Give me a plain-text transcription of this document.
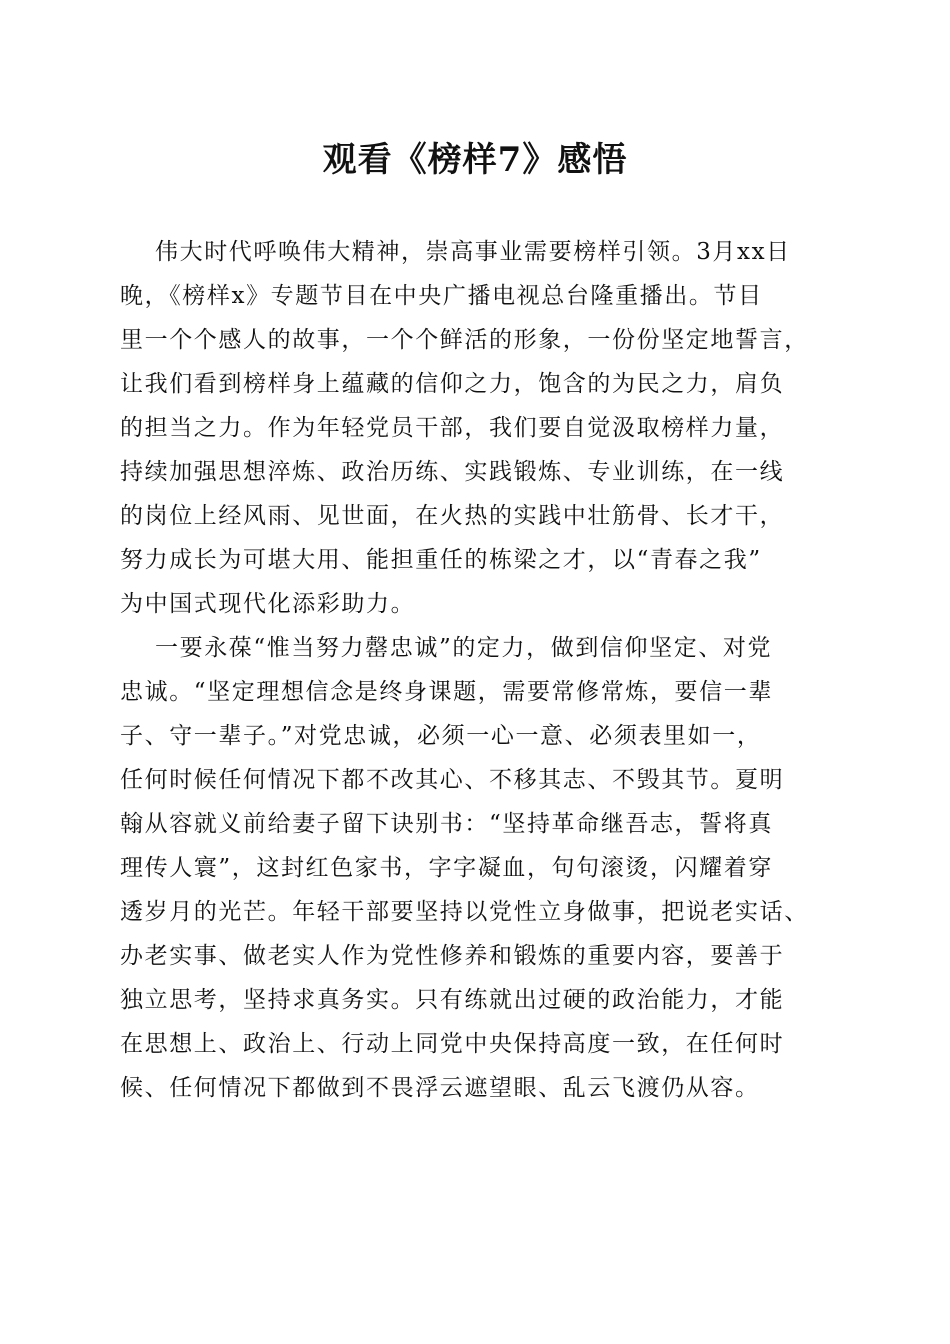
观看《榜样7》感悟
伟大时代呼唤伟大精神，崇高事业需要榜样引领。3月xx日
晚，《榜样x》专题节目在中央广播电视总台隆重播出。节目
里一个个感人的故事，一个个鲜活的形象，一份份坚定地誓言，
让我们看到榜样身上蕴藏的信仰之力，饱含的为民之力，肩负
的担当之力。作为年轻党员干部，我们要自觉汲取榜样力量，
持续加强思想淬炼、政治历练、实践锻炼、专业训练，在一线
的岗位上经风雨、见世面，在火热的实践中壮筋骨、长才干，
努力成长为可堪大用、能担重任的栋梁之才，以“青春之我”
为中国式现代化添彩助力。
一要永葆“惟当努力罄忠诚”的定力，做到信仰坚定、对党
忠诚。“坚定理想信念是终身课题，需要常修常炼，要信一辈
子、守一辈子。”对党忠诚，必须一心一意、必须表里如一，
任何时候任何情况下都不改其心、不移其志、不毁其节。夏明
翰从容就义前给妻子留下诀别书：“坚持革命继吾志，誓将真
理传人寰”，这封红色家书，字字凝血，句句滚烫，闪耀着穿
透岁月的光芒。年轻干部要坚持以党性立身做事，把说老实话、
办老实事、做老实人作为党性修养和锻炼的重要内容，要善于
独立思考，坚持求真务实。只有练就出过硬的政治能力，才能
在思想上、政治上、行动上同党中央保持高度一致，在任何时
候、任何情况下都做到不畏浮云遮望眼、乱云飞渡仍从容。
